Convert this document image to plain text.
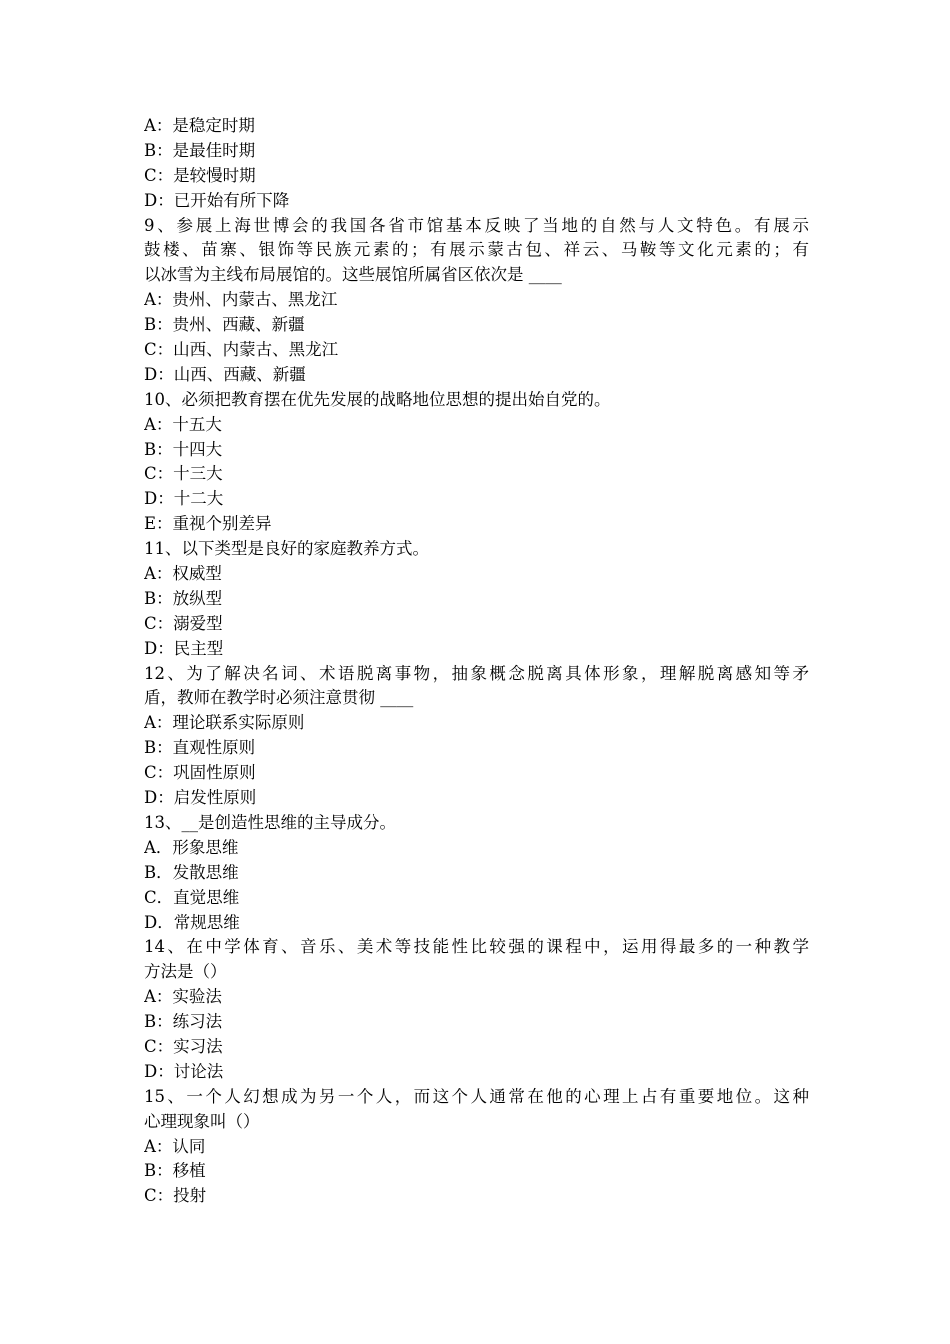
A：是稳定时期
B：是最佳时期
C：是较慢时期
D：已开始有所下降
9、参展上海世博会的我国各省市馆基本反映了当地的自然与人文特色。有展示
鼓楼、苗寨、银饰等民族元素的；有展示蒙古包、祥云、马鞍等文化元素的；有
以冰雪为主线布局展馆的。这些展馆所属省区依次是 ____
A：贵州、内蒙古、黑龙江
B：贵州、西藏、新疆
C：山西、内蒙古、黑龙江
D：山西、西藏、新疆
10、必须把教育摆在优先发展的战略地位思想的提出始自党的。
A：十五大
B：十四大
C：十三大
D：十二大
E：重视个别差异
11、以下类型是良好的家庭教养方式。
A：权威型
B：放纵型
C：溺爱型
D：民主型
12、为了解决名词、术语脱离事物，抽象概念脱离具体形象，理解脱离感知等矛
盾，教师在教学时必须注意贯彻 ____
A：理论联系实际原则
B：直观性原则
C：巩固性原则
D：启发性原则
13、__是创造性思维的主导成分。
A．形象思维
B．发散思维
C．直觉思维
D．常规思维
14、在中学体育、音乐、美术等技能性比较强的课程中，运用得最多的一种教学
方法是（）
A：实验法
B：练习法
C：实习法
D：讨论法
15、一个人幻想成为另一个人，而这个人通常在他的心理上占有重要地位。这种
心理现象叫（）
A：认同
B：移植
C：投射
